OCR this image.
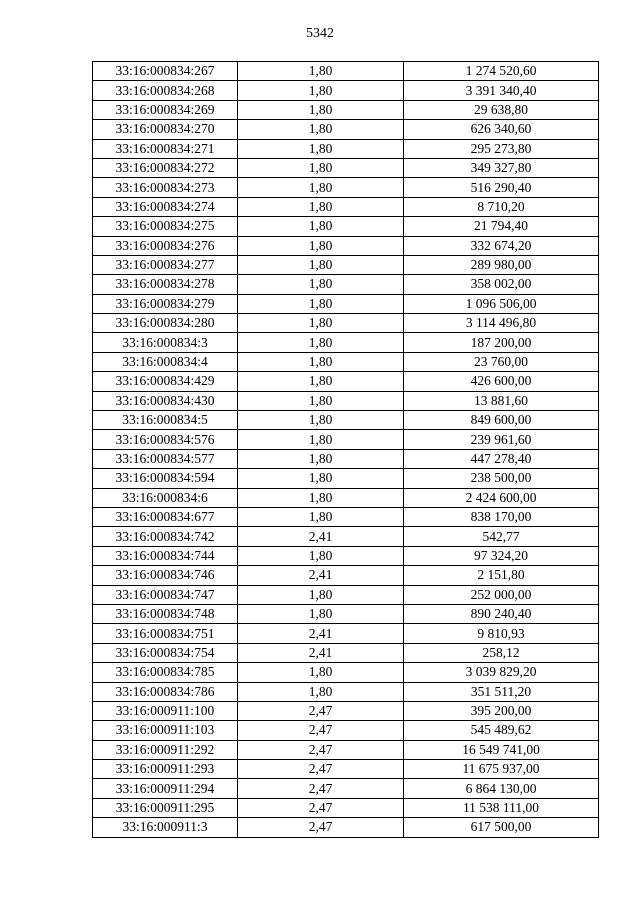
5342
33:16:000834:267	1,80	1 274 520,60
33:16:000834:268	1,80	3 391 340,40
33:16:000834:269	1,80	29 638,80
33:16:000834:270	1,80	626 340,60
33:16:000834:271	1,80	295 273,80
33:16:000834:272	1,80	349 327,80
33:16:000834:273	1,80	516 290,40
33:16:000834:274	1,80	8 710,20
33:16:000834:275	1,80	21 794,40
33:16:000834:276	1,80	332 674,20
33:16:000834:277	1,80	289 980,00
33:16:000834:278	1,80	358 002,00
33:16:000834:279	1,80	1 096 506,00
33:16:000834:280	1,80	3 114 496,80
33:16:000834:3	1,80	187 200,00
33:16:000834:4	1,80	23 760,00
33:16:000834:429	1,80	426 600,00
33:16:000834:430	1,80	13 881,60
33:16:000834:5	1,80	849 600,00
33:16:000834:576	1,80	239 961,60
33:16:000834:577	1,80	447 278,40
33:16:000834:594	1,80	238 500,00
33:16:000834:6	1,80	2 424 600,00
33:16:000834:677	1,80	838 170,00
33:16:000834:742	2,41	542,77
33:16:000834:744	1,80	97 324,20
33:16:000834:746	2,41	2 151,80
33:16:000834:747	1,80	252 000,00
33:16:000834:748	1,80	890 240,40
33:16:000834:751	2,41	9 810,93
33:16:000834:754	2,41	258,12
33:16:000834:785	1,80	3 039 829,20
33:16:000834:786	1,80	351 511,20
33:16:000911:100	2,47	395 200,00
33:16:000911:103	2,47	545 489,62
33:16:000911:292	2,47	16 549 741,00
33:16:000911:293	2,47	11 675 937,00
33:16:000911:294	2,47	6 864 130,00
33:16:000911:295	2,47	11 538 111,00
33:16:000911:3	2,47	617 500,00
